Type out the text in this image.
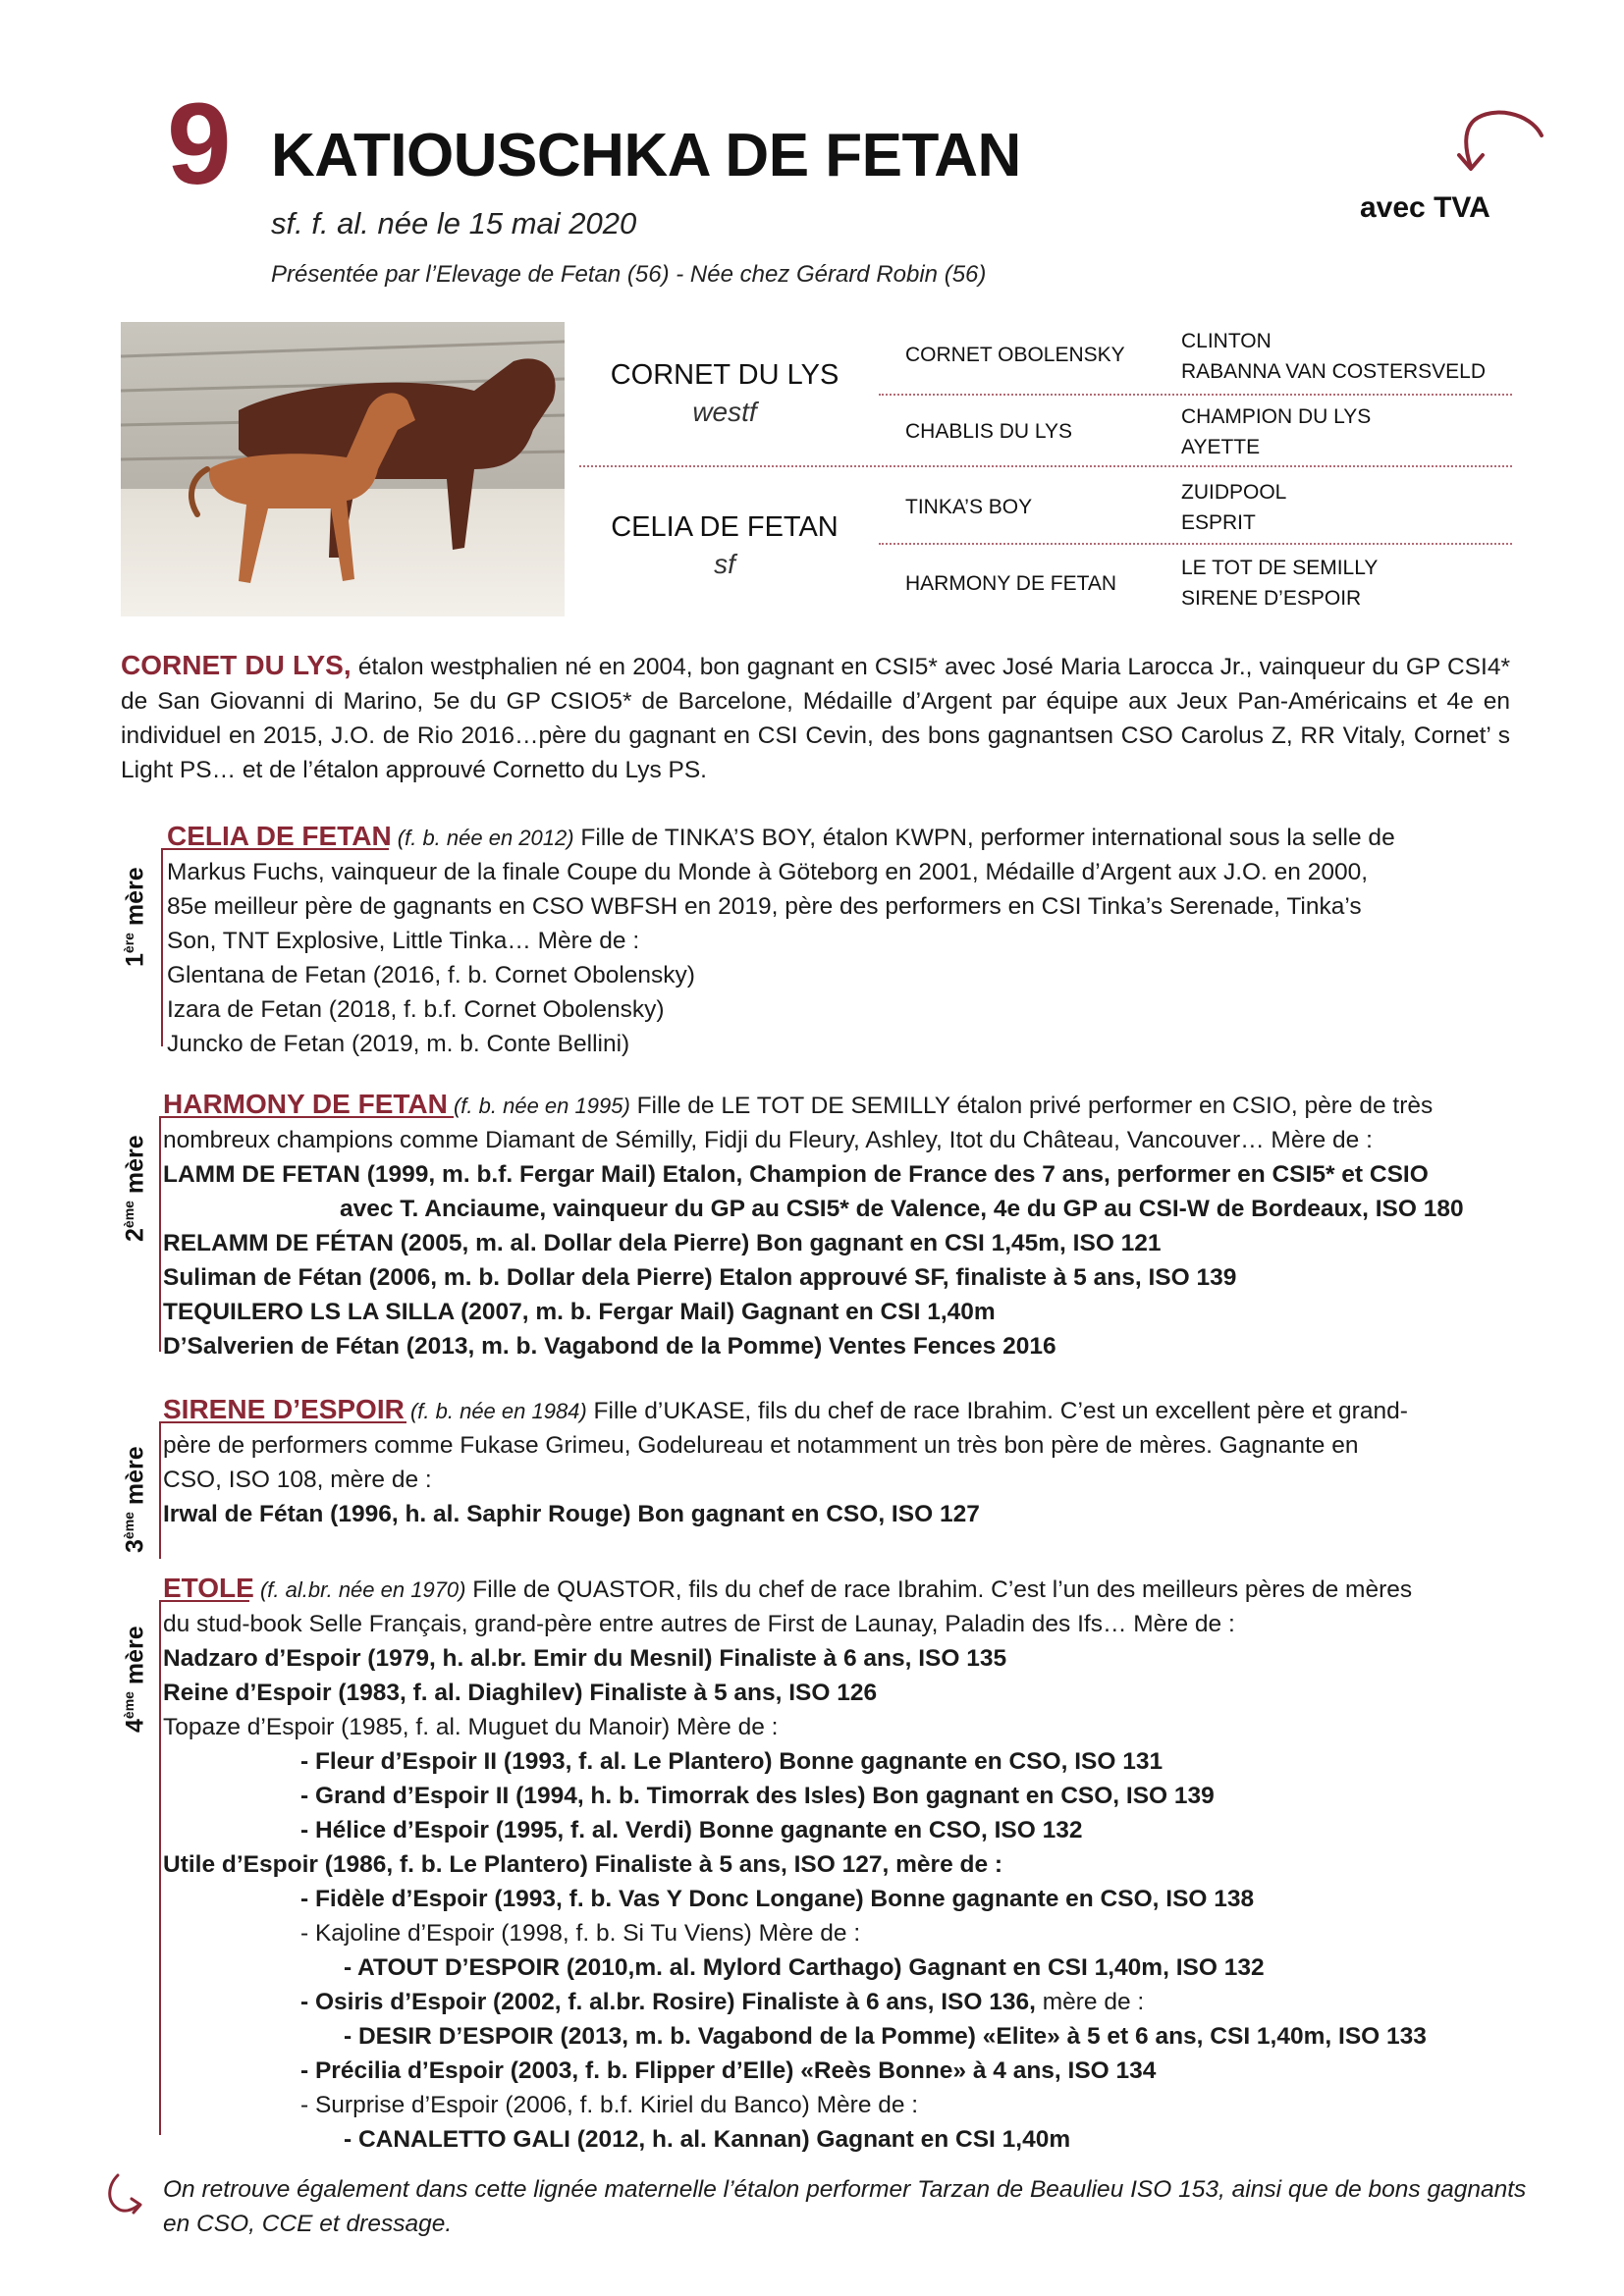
9 KATIOUSCHKA DE FETAN
sf. f. al. née le 15 mai 2020
Présentée par l’Elevage de Fetan (56) - Née chez Gérard Robin (56)
avec TVA
CORNET DU LYS
westf
CELIA DE FETAN
sf
CORNET OBOLENSKY
CHABLIS DU LYS
TINKA’S BOY
HARMONY DE FETAN
CLINTON
RABANNA VAN COSTERSVELD
CHAMPION DU LYS
AYETTE
ZUIDPOOL
ESPRIT
LE TOT DE SEMILLY
SIRENE D’ESPOIR
CORNET DU LYS, étalon westphalien né en 2004, bon gagnant en CSI5* avec José Maria Larocca Jr., vainqueur du GP CSI4* de San Giovanni di Marino, 5e du GP CSIO5* de Barcelone, Médaille d’Argent par équipe aux Jeux Pan-Américains et 4e en individuel en 2015, J.O. de Rio 2016…père du gagnant en CSI Cevin, des bons gagnantsen CSO Carolus Z, RR Vitaly, Cornet’ s Light PS… et de l’étalon approuvé Cornetto du Lys PS.
1ère mère
CELIA DE FETAN (f. b. née en 2012) Fille de TINKA’S BOY, étalon KWPN, performer international sous la selle de
Markus Fuchs, vainqueur de la finale Coupe du Monde à Göteborg en 2001, Médaille d’Argent aux J.O. en 2000,
85e meilleur père de gagnants en CSO WBFSH en 2019, père des performers en CSI Tinka’s Serenade, Tinka’s
Son, TNT Explosive, Little Tinka… Mère de :
Glentana de Fetan (2016, f. b. Cornet Obolensky)
Izara de Fetan (2018, f. b.f. Cornet Obolensky)
Juncko de Fetan (2019, m. b. Conte Bellini)
2ème mère
HARMONY DE FETAN (f. b. née en 1995) Fille de LE TOT DE SEMILLY étalon privé performer en CSIO, père de très
nombreux champions comme Diamant de Sémilly, Fidji du Fleury, Ashley, Itot du Château, Vancouver… Mère de :
LAMM DE FETAN (1999, m. b.f. Fergar Mail) Etalon, Champion de France des 7 ans, performer en CSI5* et CSIO
avec T. Anciaume, vainqueur du GP au CSI5* de Valence, 4e du GP au CSI-W de Bordeaux, ISO 180
RELAMM DE FÉTAN (2005, m. al. Dollar dela Pierre) Bon gagnant en CSI 1,45m, ISO 121
Suliman de Fétan (2006, m. b. Dollar dela Pierre) Etalon approuvé SF, finaliste à 5 ans, ISO 139
TEQUILERO LS LA SILLA (2007, m. b. Fergar Mail) Gagnant en CSI 1,40m
D’Salverien de Fétan (2013, m. b. Vagabond de la Pomme) Ventes Fences 2016
3ème mère
SIRENE D’ESPOIR (f. b. née en 1984) Fille d’UKASE, fils du chef de race Ibrahim. C’est un excellent père et grand-
père de performers comme Fukase Grimeu, Godelureau et notamment un très bon père de mères. Gagnante en
CSO, ISO 108, mère de :
Irwal de Fétan (1996, h. al. Saphir Rouge) Bon gagnant en CSO, ISO 127
4ème mère
ETOLE (f. al.br. née en 1970) Fille de QUASTOR, fils du chef de race Ibrahim. C’est l’un des meilleurs pères de mères
du stud-book Selle Français, grand-père entre autres de First de Launay, Paladin des Ifs… Mère de :
Nadzaro d’Espoir (1979, h. al.br. Emir du Mesnil) Finaliste à 6 ans, ISO 135
Reine d’Espoir (1983, f. al. Diaghilev) Finaliste à 5 ans, ISO 126
Topaze d’Espoir (1985, f. al. Muguet du Manoir) Mère de :
- Fleur d’Espoir II (1993, f. al. Le Plantero) Bonne gagnante en CSO, ISO 131
- Grand d’Espoir II (1994, h. b. Timorrak des Isles) Bon gagnant en CSO, ISO 139
- Hélice d’Espoir (1995, f. al. Verdi) Bonne gagnante en CSO, ISO 132
Utile d’Espoir (1986, f. b. Le Plantero) Finaliste à 5 ans, ISO 127, mère de :
- Fidèle d’Espoir (1993, f. b. Vas Y Donc Longane) Bonne gagnante en CSO, ISO 138
- Kajoline d’Espoir (1998, f. b. Si Tu Viens) Mère de :
- ATOUT D’ESPOIR (2010,m. al. Mylord Carthago) Gagnant en CSI 1,40m, ISO 132
- Osiris d’Espoir (2002, f. al.br. Rosire) Finaliste à 6 ans, ISO 136, mère de :
- DESIR D’ESPOIR (2013, m. b. Vagabond de la Pomme) «Elite» à 5 et 6 ans, CSI 1,40m, ISO 133
- Précilia d’Espoir (2003, f. b. Flipper d’Elle) «Reès Bonne» à 4 ans, ISO 134
- Surprise d’Espoir (2006, f. b.f. Kiriel du Banco) Mère de :
- CANALETTO GALI (2012, h. al. Kannan) Gagnant en CSI 1,40m
On retrouve également dans cette lignée maternelle l’étalon performer Tarzan de Beaulieu ISO 153, ainsi que de bons gagnants en CSO, CCE et dressage.
